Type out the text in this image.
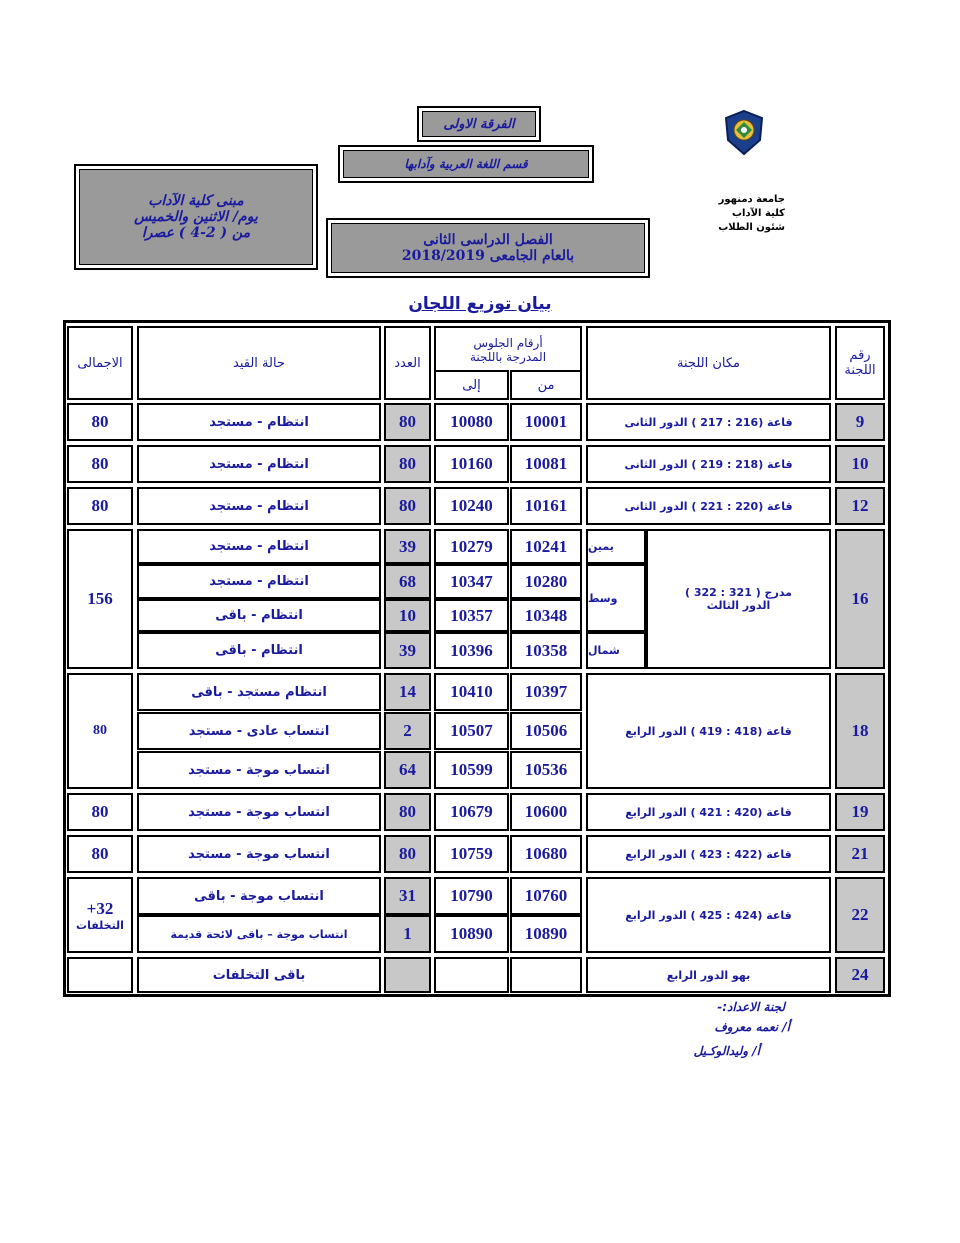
جامعة دمنهور
كلية الآداب
شئون الطلاب
الفرقة الاولى
قسم اللغة العربية وآدابها
مبنى كلية الآداب
يوم/ الاثنين والخميس
من ( 2-4 ) عصرا	الفصل الدراسى الثانى
بالعام الجامعى 2018/2019
بيان توزيع اللجان
رقم
اللجنة
مكان اللجنة
أرقام الجلوس
المدرجة باللجنة
من
إلى
العدد
حالة القيد
الاجمالى
9
قاعة (216 : 217 ) الدور الثانى
10001
10080
80
انتظام - مستجد
80
10
قاعة (218 : 219 ) الدور الثانى
10081
10160
80
انتظام - مستجد
80
12
قاعة (220 : 221 ) الدور الثانى
10161
10240
80
انتظام - مستجد
80
16
مدرج ( 321 : 322 )
الدور الثالث
10241
10279
39
انتظام - مستجد
10280
10347
68
انتظام - مستجد
10348
10357
10
انتظام - باقى
10358
10396
39
انتظام - باقى
يمين
وسط
شمال
156
18
قاعة (418 : 419 ) الدور الرابع
10397
10410
14
انتظام مستجد - باقى
10506
10507
2
انتساب عادى - مستجد
10536
10599
64
انتساب موجة - مستجد
80
19
قاعة (420 : 421 ) الدور الرابع
10600
10679
80
انتساب موجة - مستجد
80
21
قاعة (422 : 423 ) الدور الرابع
10680
10759
80
انتساب موجة - مستجد
80
22
قاعة (424 : 425 ) الدور الرابع
10760
10790
31
انتساب موجة - باقى
10890
10890
1
انتساب موجة – باقى لائحة قديمة
32+
التخلفات
24
بهو الدور الرابع
باقى التخلفات
لجنة الاعداد:-
أ/ نعمه معروف
أ/ وليدالوكـيل
